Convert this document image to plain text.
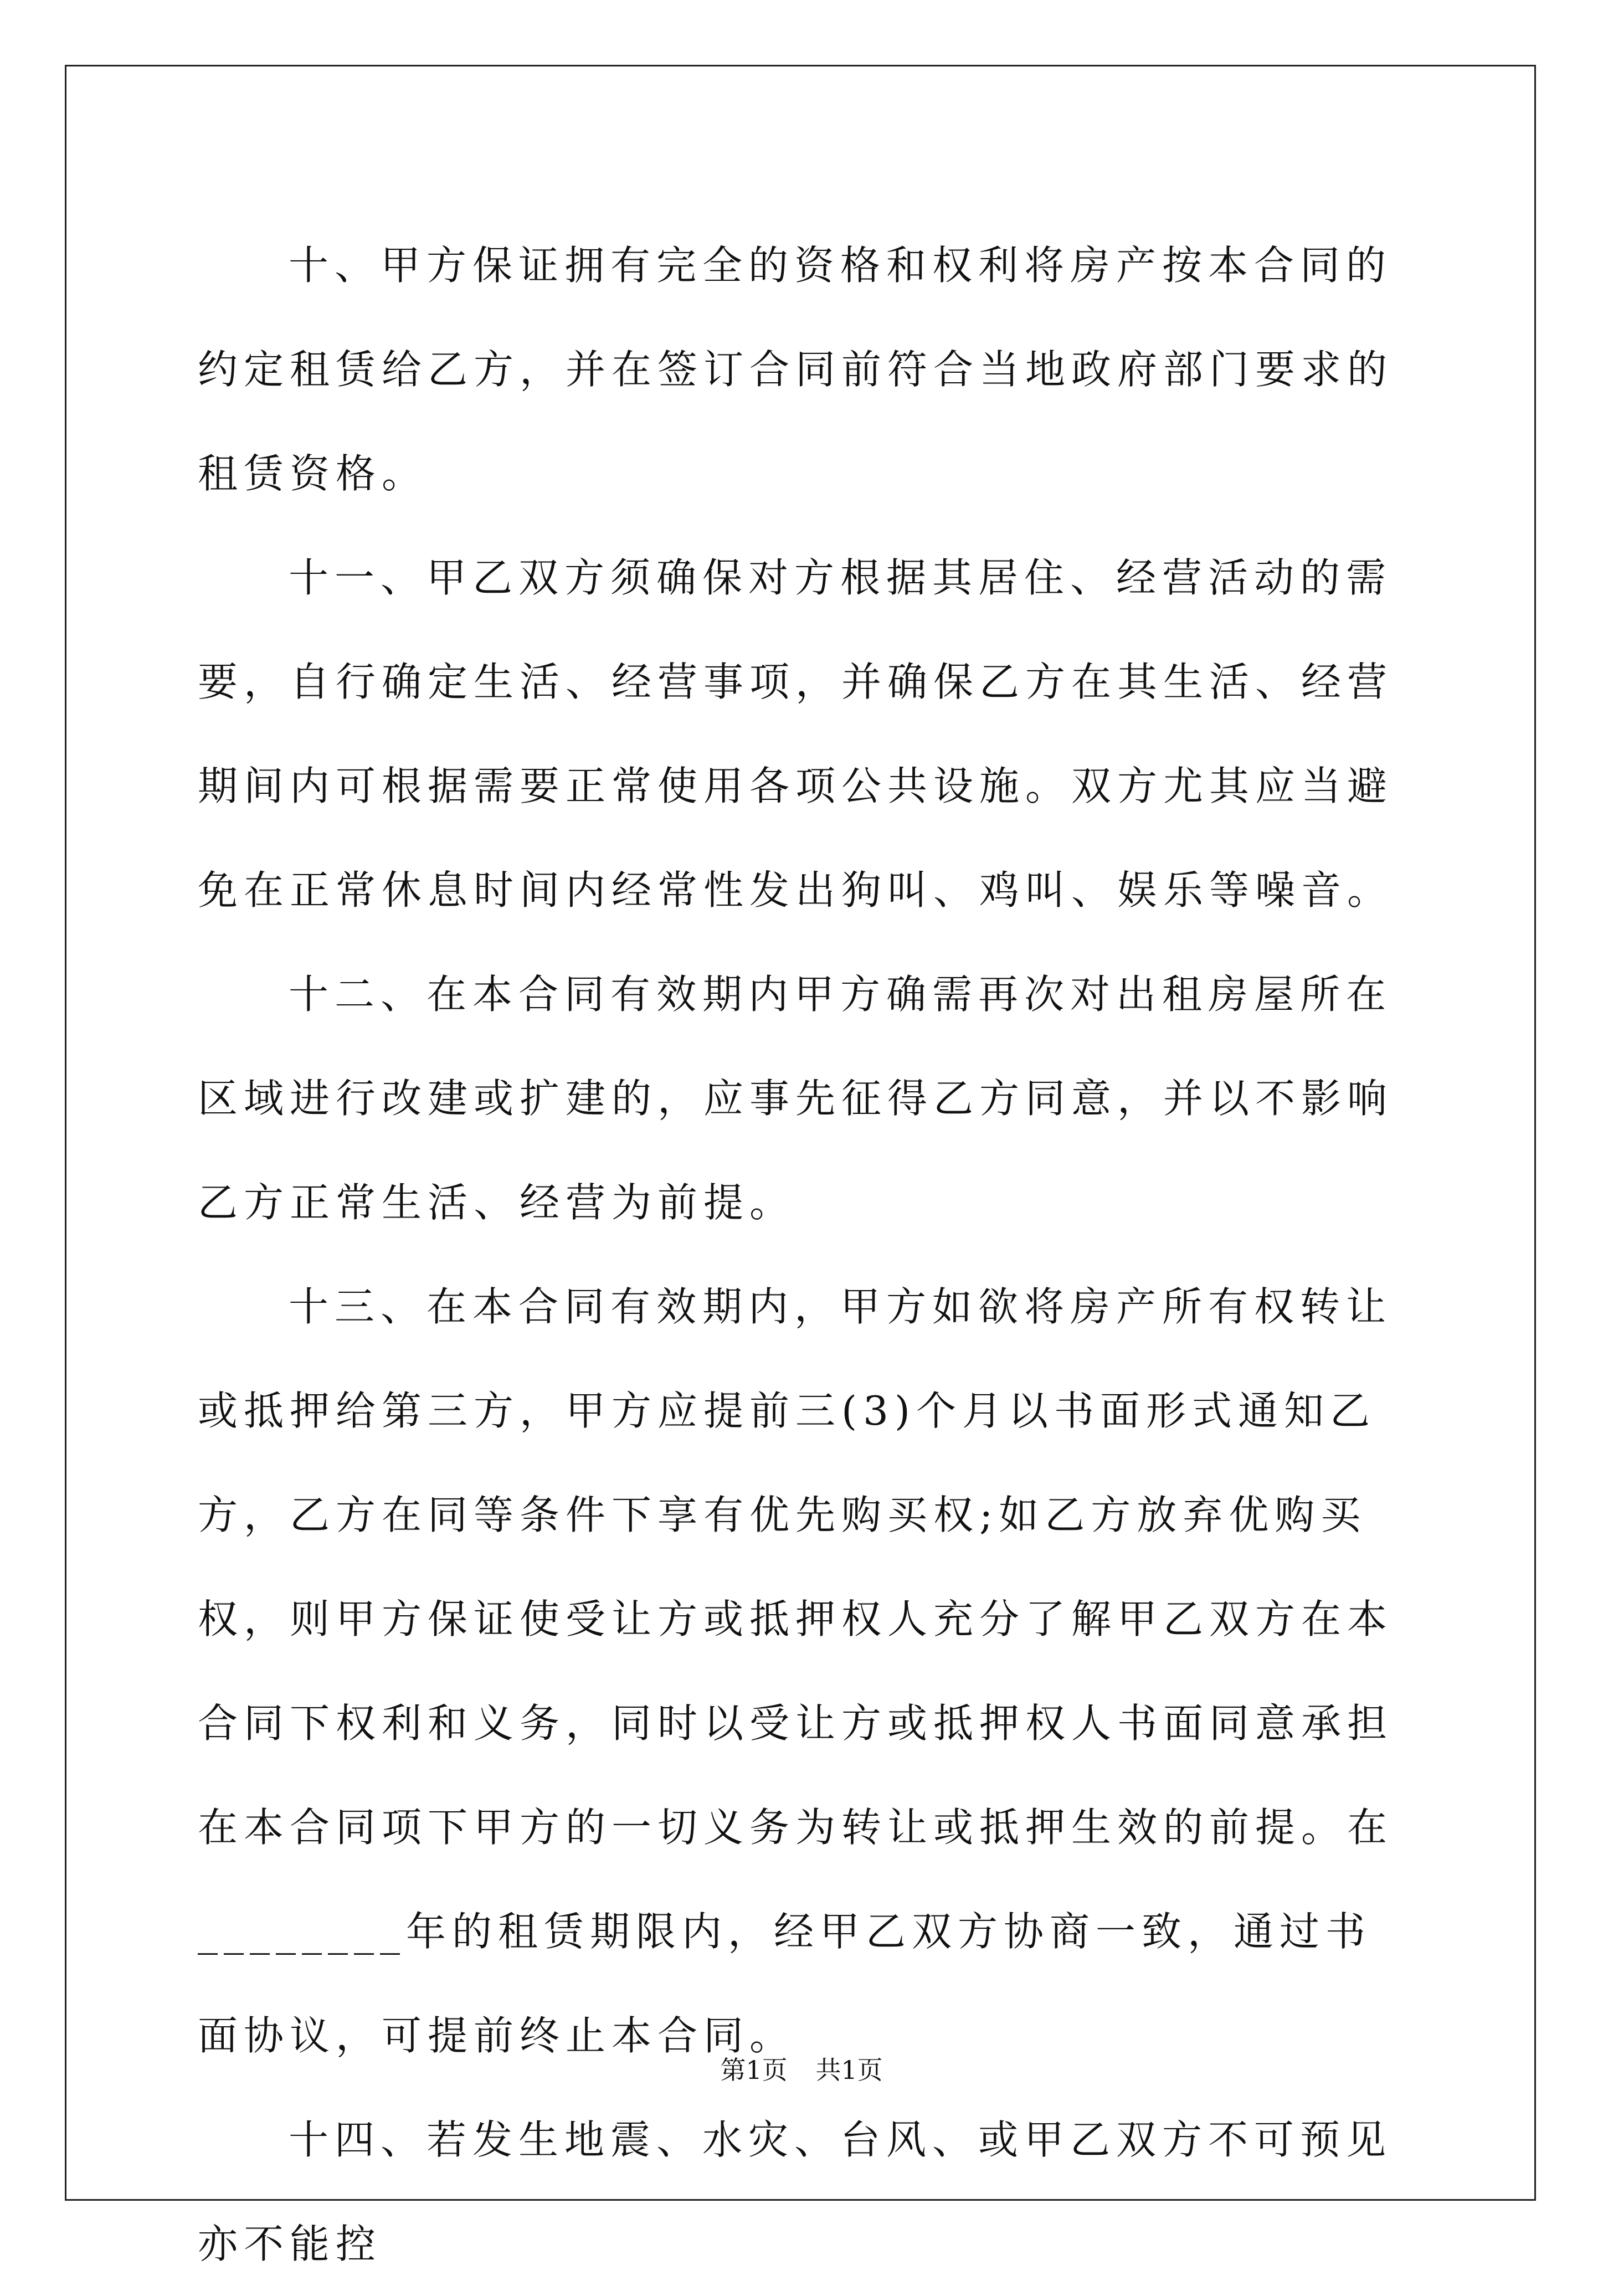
十、甲方保证拥有完全的资格和权利将房产按本合同的约定租赁给乙方，并在签订合同前符合当地政府部门要求的租赁资格。

十一、甲乙双方须确保对方根据其居住、经营活动的需要，自行确定生活、经营事项，并确保乙方在其生活、经营期间内可根据需要正常使用各项公共设施。双方尤其应当避免在正常休息时间内经常性发出狗叫、鸡叫、娱乐等噪音。

十二、在本合同有效期内甲方确需再次对出租房屋所在区域进行改建或扩建的，应事先征得乙方同意，并以不影响乙方正常生活、经营为前提。

十三、在本合同有效期内，甲方如欲将房产所有权转让或抵押给第三方，甲方应提前三(3)个月以书面形式通知乙方，乙方在同等条件下享有优先购买权;如乙方放弃优购买权，则甲方保证使受让方或抵押权人充分了解甲乙双方在本合同下权利和义务，同时以受让方或抵押权人书面同意承担在本合同项下甲方的一切义务为转让或抵押生效的前提。在________年的租赁期限内，经甲乙双方协商一致，通过书面协议，可提前终止本合同。

十四、若发生地震、水灾、台风、或甲乙双方不可预见亦不能控

第1页 共1页
